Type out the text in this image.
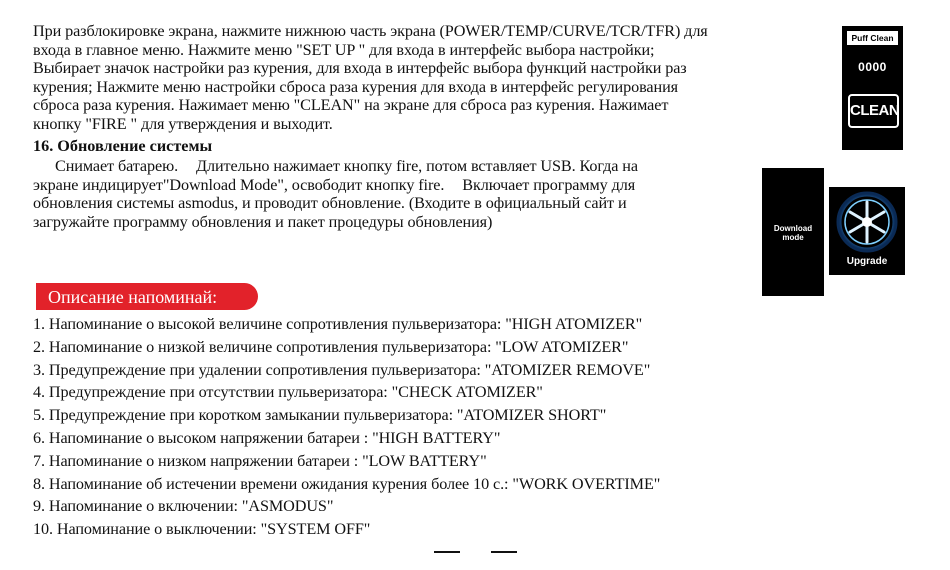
При разблокировке экрана, нажмите нижнюю часть экрана (POWER/TEMP/CURVE/TCR/TFR) для
входа в главное меню. Нажмите меню "SET UP " для входа в интерфейс выбора настройки;
Выбирает значок настройки раз курения, для входа в интерфейс выбора функций настройки раз
курения; Нажмите меню настройки сброса раза курения для входа в интерфейс регулирования
сброса раза курения. Нажимает меню "CLEAN" на экране для сброса раз курения. Нажимает
кнопку "FIRE " для утверждения и выходит.
16. Обновление системы
Снимает батарею. Длительно нажимает кнопку fire, потом вставляет USB. Когда на
экране индицирует"Download Mode", освободит кнопку fire. Включает программу для
обновления системы asmodus, и проводит обновление. (Входите в официальный сайт и
загружайте программу обновления и пакет процедуры обновления)
Puff Clean
0000
CLEAN
Download
mode
Upgrade
Описание напоминай:
1. Напоминание о высокой величине сопротивления пульверизатора: "HIGH ATOMIZER"
2. Напоминание о низкой величине сопротивления пульверизатора: "LOW ATOMIZER"
3. Предупреждение при удалении сопротивления пульверизатора: "ATOMIZER REMOVE"
4. Предупреждение при отсутствии пульверизатора: "CHECK ATOMIZER"
5. Предупреждение при коротком замыкании пульверизатора: "ATOMIZER SHORT"
6. Напоминание о высоком напряжении батареи : "HIGH BATTERY"
7. Напоминание о низком напряжении батареи : "LOW BATTERY"
8. Напоминание об истечении времени ожидания курения более 10 с.: "WORK OVERTIME"
9. Напоминание о включении: "ASMODUS"
10. Напоминание о выключении: "SYSTEM OFF"
